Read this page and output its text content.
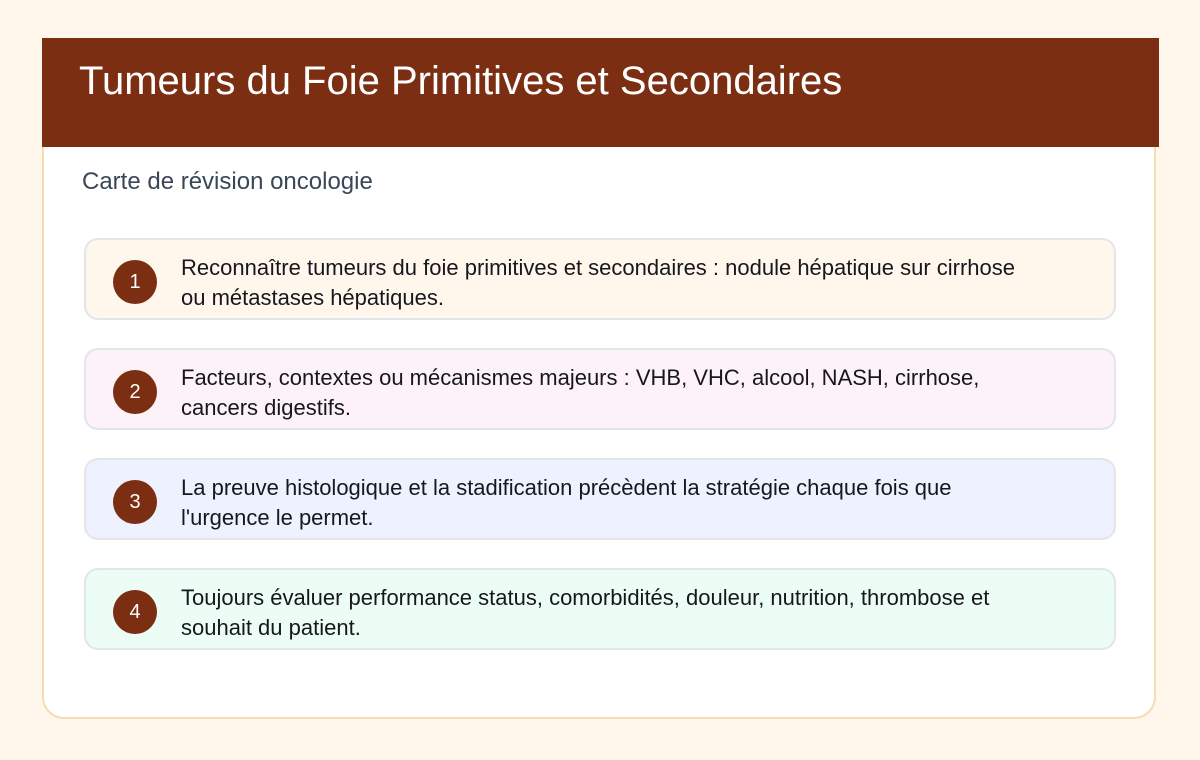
Tumeurs du Foie Primitives et Secondaires

Carte de révision oncologie

1

Reconnaître tumeurs du foie primitives et secondaires : nodule hépatique sur cirrhose ou métastases hépatiques.

2

Facteurs, contextes ou mécanismes majeurs : VHB, VHC, alcool, NASH, cirrhose, cancers digestifs.

3

La preuve histologique et la stadification précèdent la stratégie chaque fois que l'urgence le permet.

4

Toujours évaluer performance status, comorbidités, douleur, nutrition, thrombose et souhait du patient.
